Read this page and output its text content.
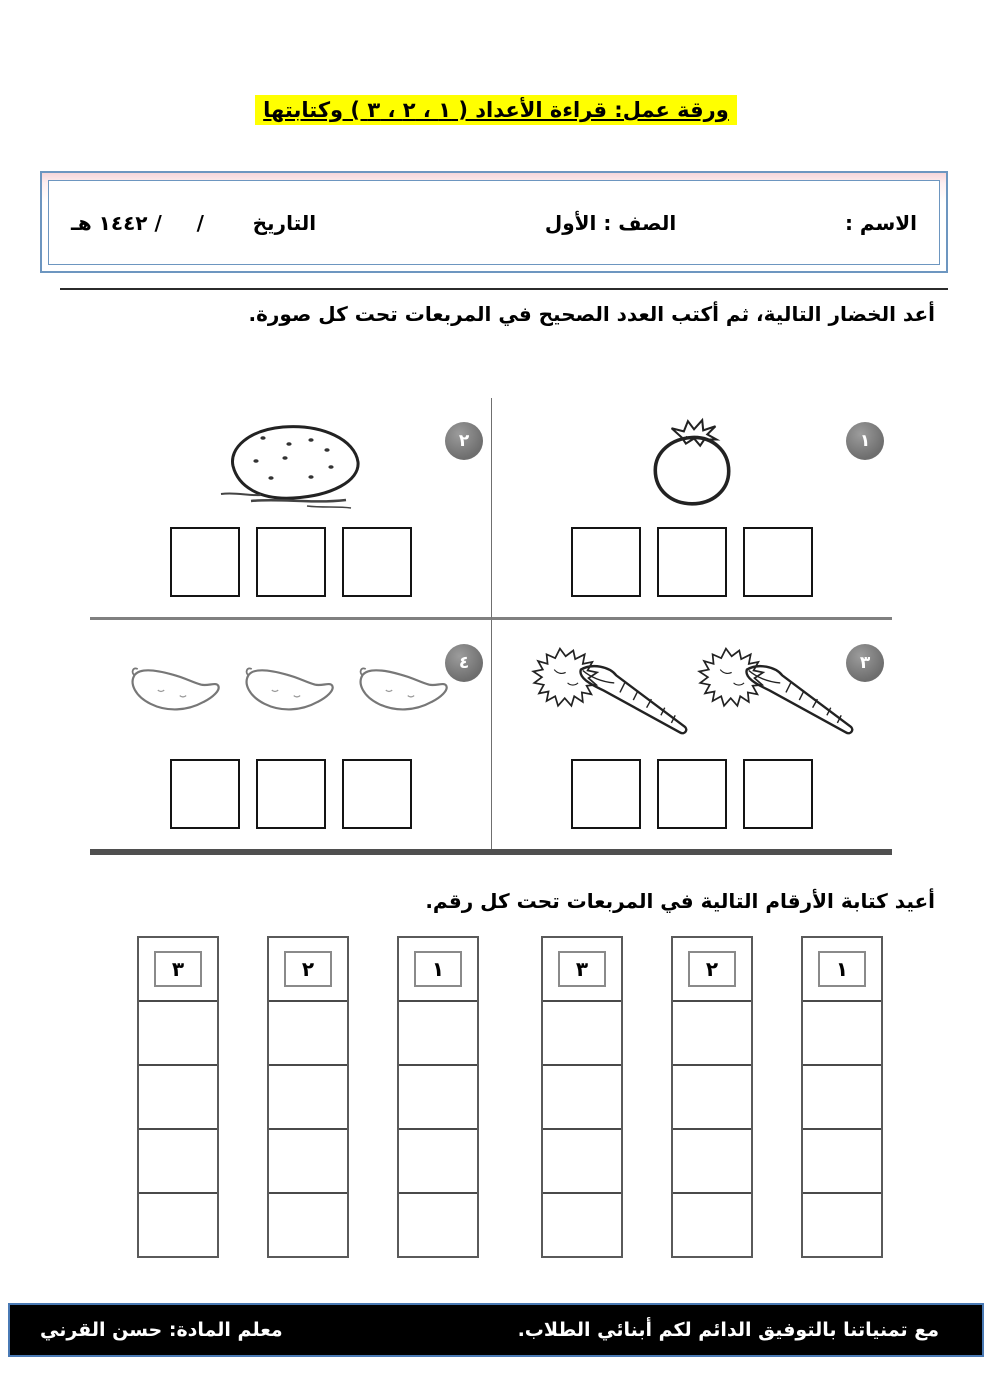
ورقة عمل: قراءة الأعداد ( ١ ، ٢ ، ٣ ) وكتابتها
الاسم :
الصف : الأول
التاريخ       /     / ١٤٤٢ هـ
أعد الخضار التالية، ثم أكتب العدد الصحيح في المربعات تحت كل صورة.
١
٢
٣
٤
أعيد كتابة الأرقام التالية في المربعات تحت كل رقم.
٣	٢	١	٣	٢	١
مع تمنياتنا بالتوفيق الدائم لكم أبنائي الطلاب.
معلم المادة: حسن القرني
